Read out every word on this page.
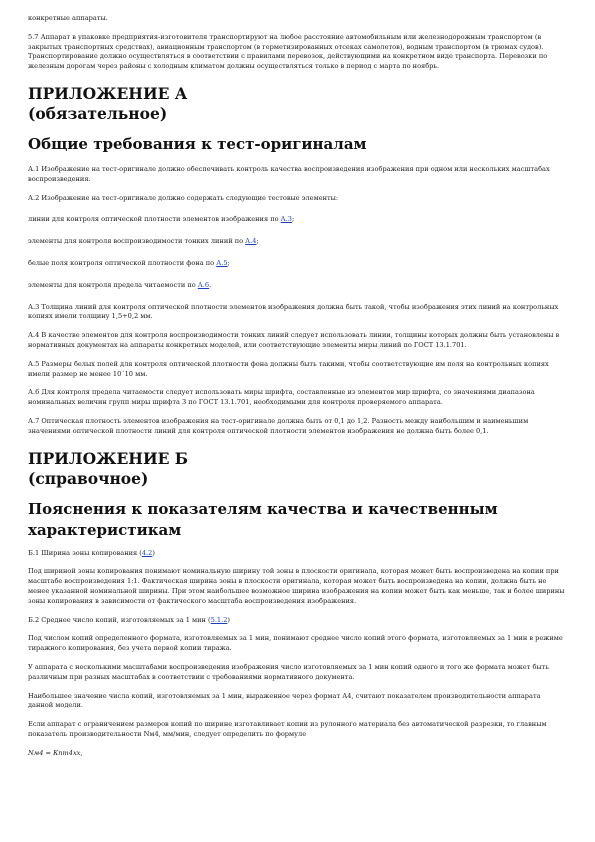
конкретные аппараты.

5.7 Аппарат в упаковке предприятия-изготовителя транспортируют на любое расстояние автомобильным или железнодорожным транспортом (в закрытых транспортных средствах), авиационным транспортом (в герметизированных отсеках самолетов), водным транспортом (в трюмах судов). Транспортирование должно осуществляться в соответствии с правилами перевозок, действующими на конкретном виде транспорта. Перевозки по железным дорогам через районы с холодным климатом должны осуществляться только в период с марта по ноябрь.

ПРИЛОЖЕНИЕ А
(обязательное)
Общие требования к тест-оригиналам

А.1 Изображение на тест-оригинале должно обеспечивать контроль качества воспроизведения изображения при одном или нескольких масштабах воспроизведения.

А.2 Изображение на тест-оригинале должно содержать следующие тестовые элементы:

линии для контроля оптической плотности элементов изображения по А.3;

элементы для контроля воспроизводимости тонких линий по А.4;

белые поля контроля оптической плотности фона по А.5;

элементы для контроля предела читаемости по А.6.

А.3 Толщина линий для контроля оптической плотности элементов изображения должна быть такой, чтобы изображения этих линий на контрольных копиях имели толщину 1,5+0,2 мм.

А.4 В качестве элементов для контроля воспроизводимости тонких линий следует использовать линии, толщины которых должны быть установлены в нормативных документах на аппараты конкретных моделей, или соответствующие элементы миры линий по ГОСТ 13.1.701.

А.5 Размеры белых полей для контроля оптической плотности фона должны быть такими, чтобы соответствующие им поля на контрольных копиях имели размер не менее 10´10 мм.

А.6 Для контроля предела читаемости следует использовать миры шрифта, составленные из элементов мир шрифта, со значениями диапазона номинальных величин групп миры шрифта 3 по ГОСТ 13.1.701, необходимыми для контроля проверяемого аппарата.

А.7 Оптическая плотность элементов изображения на тест-оригинале должна быть от 0,1 до 1,2. Разность между наибольшим и наименьшим значениями оптической плотности линий для контроля оптической плотности элементов изображения не должна быть более 0,1.

ПРИЛОЖЕНИЕ Б
(справочное)
Пояснения к показателям качества и качественным характеристикам

Б.1 Ширина зоны копирования (4.2)

Под шириной зоны копирования понимают номинальную ширину той зоны в плоскости оригинала, которая может быть воспроизведена на копии при масштабе воспроизведения 1:1. Фактическая ширина зоны в плоскости оригинала, которая может быть воспроизведена на копии, должна быть не менее указанной номинальной ширины. При этом наибольшее возможное ширина изображения на копии может быть как меньше, так и более ширины зоны копирования в зависимости от фактического масштаба воспроизведения изображения.

Б.2 Среднее число копий, изготовляемых за 1 мин (5.1.2)

Под числом копий определенного формата, изготовляемых за 1 мин, понимают среднее число копий этого формата, изготовляемых за 1 мин в режиме тиражного копирования, без учета первой копии тиража.

У аппарата с несколькими масштабами воспроизведения изображения число изготовляемых за 1 мин копий одного и того же формата может быть различным при разных масштабах в соответствии с требованиями нормативного документа.

Наибольшее значение числа копий, изготовляемых за 1 мин, выраженное через формат А4, считают показателем производительности аппарата данной модели.

Если аппарат с ограничением размеров копий по ширине изготавливает копии из рулонного материала без автоматической разрезки, то главным показатель производительности Nм4, мм/мин, следует определить по формуле

Nм4 = Кnт4хх,
